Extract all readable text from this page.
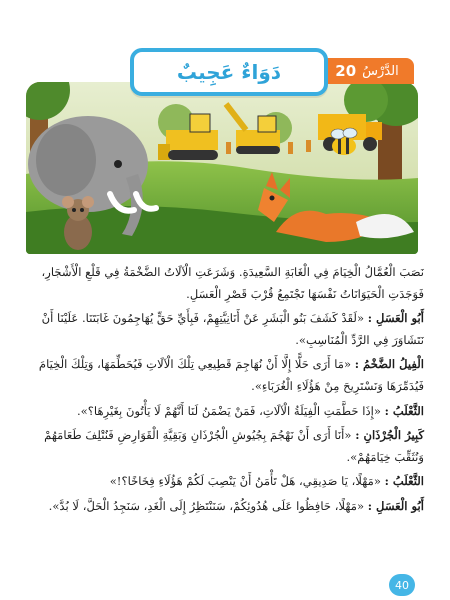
الدَّرْسُ
20
دَوَاءٌ عَجِيبٌ

نَصَبَ الْعُمَّالُ الْخِيَامَ فِي الْغَابَةِ السَّعِيدَةِ. وَشَرَعَتِ الْآلَاتُ الضَّخْمَةُ فِي قَلْعِ الْأَشْجَارِ، فَوَجَدَتِ الْحَيَوَانَاتُ نَفْسَهَا تَجْتَمِعُ قُرْبَ قَصْرِ الْعَسَلِ.

أَبُو الْعَسَلِ : «لَقَدْ كَشَفَ بَنُو الْبَشَرِ عَنْ أَنَانِيَّتِهِمْ، فَبِأَيِّ حَقٍّ يُهَاجِمُونَ غَابَتَنَا. عَلَيْنَا أَنْ نَتَشَاوَرَ فِي الرَّدِّ الْمُنَاسِبِ».

الْفِيلُ الضَّخْمُ : «مَا أَرَى حَلًّا إِلَّا أَنْ نُهَاجِمَ قَطِيعِي تِلْكَ الْآلَاتِ فَيُحَطِّمَهَا، وَتِلْكَ الْخِيَامَ فَيُدَمِّرَهَا وَنَسْتَرِيحَ مِنْ هَؤُلَاءِ الْغُرَبَاءِ».

الثَّعْلَبُ : «إِذَا حَطَّمَتِ الْفِيَلَةُ الْآلَاتِ، فَمَنْ يَضْمَنُ لَنَا أَنَّهُمْ لَا يَأْتُونَ بِغَيْرِهَا؟».

كَبِيرُ الْجُرْذَانِ : «أَنَا أَرَى أَنْ نَهْجُمَ بِجُيُوشِ الْجُرْذَانِ وَبَقِيَّةِ الْقَوَارِضِ فَنُتْلِفَ طَعَامَهُمْ وَنُثَقِّبَ خِيَامَهُمْ».

الثَّعْلَبُ : «مَهْلًا، يَا صَدِيقِي، هَلْ تَأْمَنُ أَنْ يَنْصِبَ لَكُمْ هَؤُلَاءِ فِخَاخًا؟!»

أَبُو الْعَسَلِ : «مَهْلًا، حَافِظُوا عَلَى هُدُوئِكُمْ، سَنَنْتَظِرُ إِلَى الْغَدِ، سَنَجِدُ الْحَلَّ، لَا بُدَّ».

40
